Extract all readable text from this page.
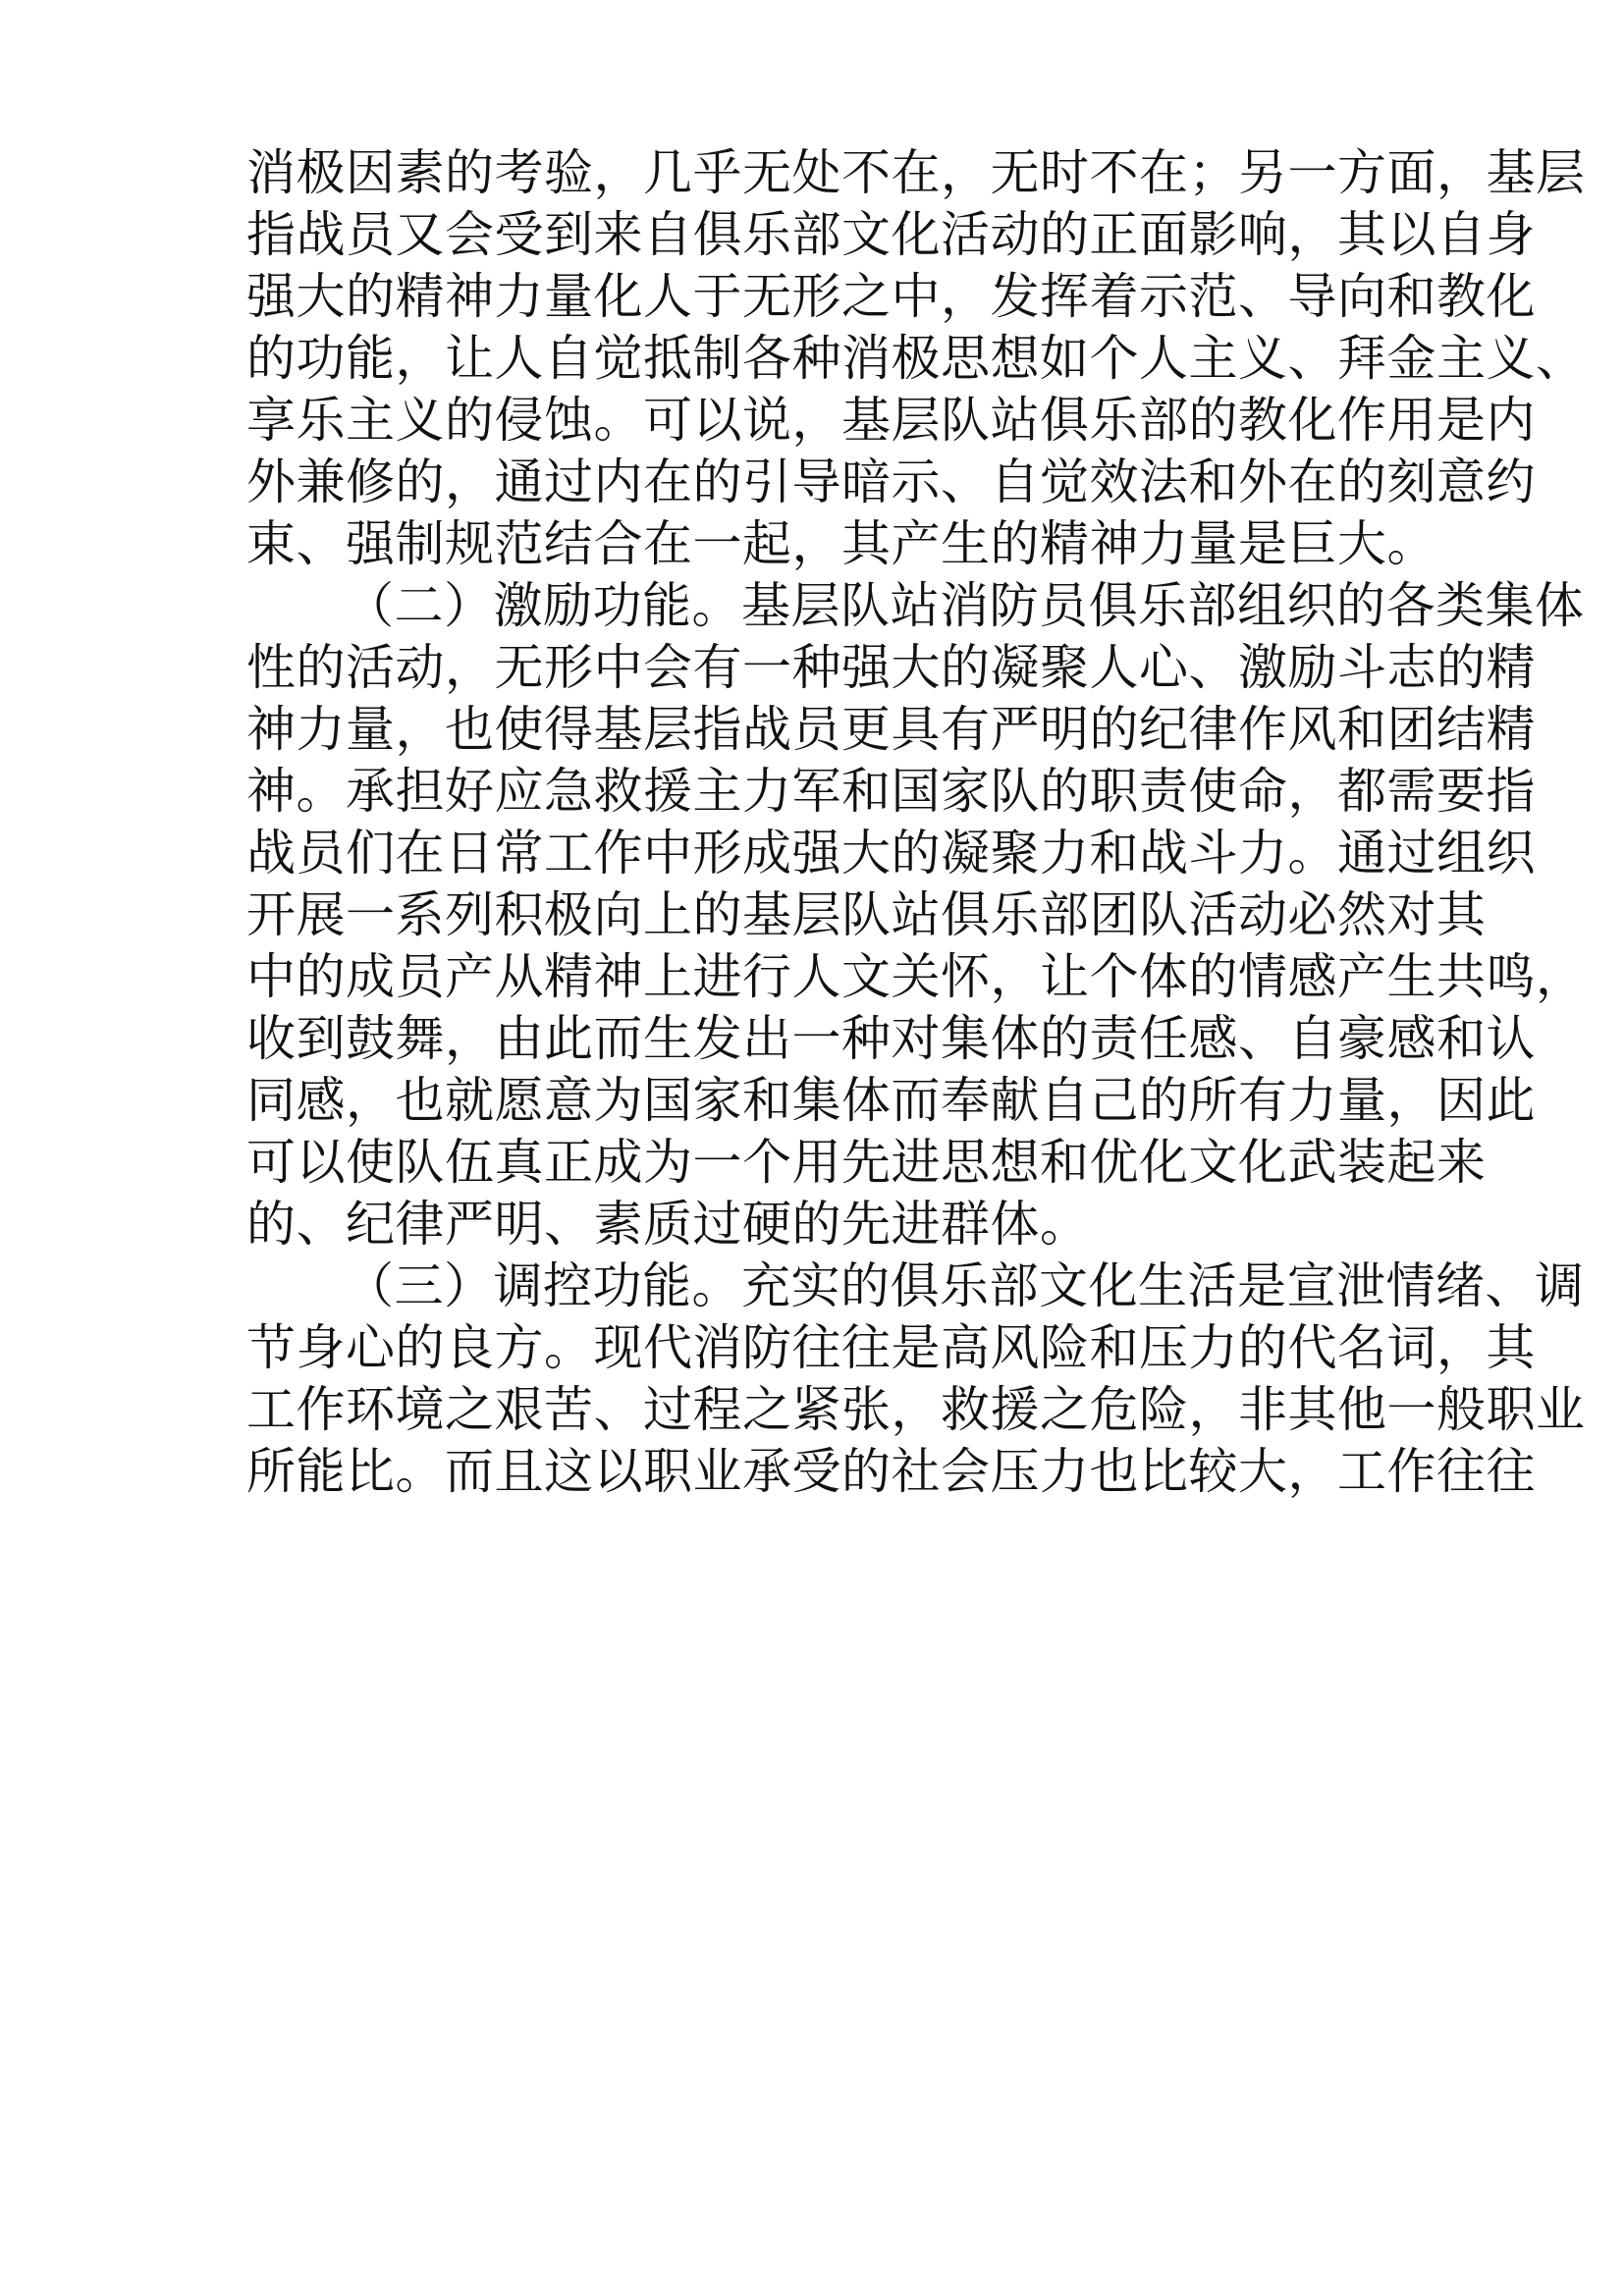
消极因素的考验，几乎无处不在，无时不在；另一方面，基层

指战员又会受到来自俱乐部文化活动的正面影响，其以自身

强大的精神力量化人于无形之中，发挥着示范、导向和教化

的功能，让人自觉抵制各种消极思想如个人主义、拜金主义、

享乐主义的侵蚀。可以说，基层队站俱乐部的教化作用是内

外兼修的，通过内在的引导暗示、自觉效法和外在的刻意约

束、强制规范结合在一起，其产生的精神力量是巨大。

（二）激励功能。基层队站消防员俱乐部组织的各类集体

性的活动，无形中会有一种强大的凝聚人心、激励斗志的精

神力量，也使得基层指战员更具有严明的纪律作风和团结精

神。承担好应急救援主力军和国家队的职责使命，都需要指

战员们在日常工作中形成强大的凝聚力和战斗力。通过组织

开展一系列积极向上的基层队站俱乐部团队活动必然对其

中的成员产从精神上进行人文关怀，让个体的情感产生共鸣，

收到鼓舞，由此而生发出一种对集体的责任感、自豪感和认

同感，也就愿意为国家和集体而奉献自己的所有力量，因此

可以使队伍真正成为一个用先进思想和优化文化武装起来

的、纪律严明、素质过硬的先进群体。

（三）调控功能。充实的俱乐部文化生活是宣泄情绪、调

节身心的良方。现代消防往往是高风险和压力的代名词，其

工作环境之艰苦、过程之紧张，救援之危险，非其他一般职业

所能比。而且这以职业承受的社会压力也比较大，工作往往
